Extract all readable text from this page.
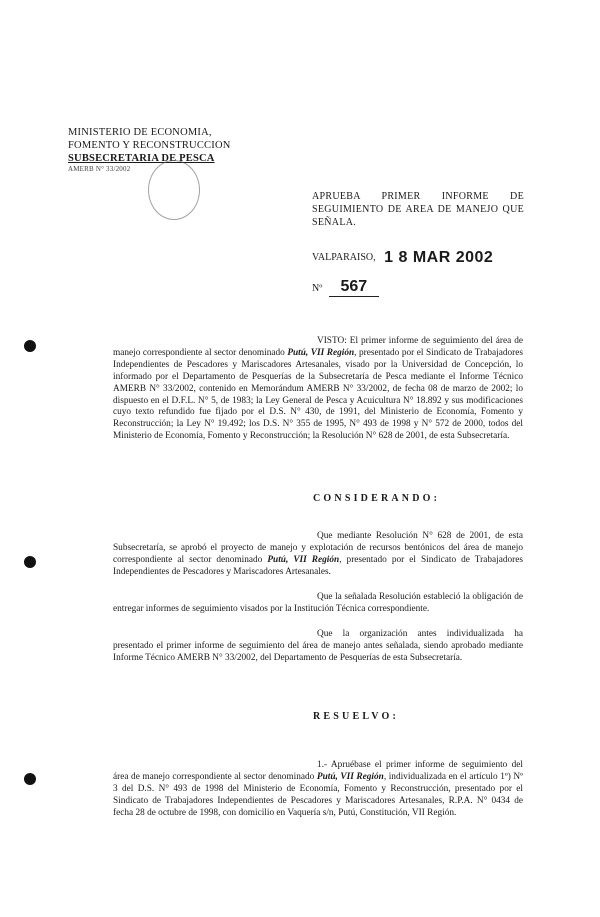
MINISTERIO DE ECONOMIA,
FOMENTO Y RECONSTRUCCION
SUBSECRETARIA DE PESCA
AMERB N° 33/2002
APRUEBA PRIMER INFORME DE SEGUIMIENTO DE AREA DE MANEJO QUE SEÑALA.
VALPARAISO, 1 8 MAR 2002
Nº 567
VISTO: El primer informe de seguimiento del área de manejo correspondiente al sector denominado Putú, VII Región, presentado por el Sindicato de Trabajadores Independientes de Pescadores y Mariscadores Artesanales, visado por la Universidad de Concepción, lo informado por el Departamento de Pesquerías de la Subsecretaría de Pesca mediante el Informe Técnico AMERB N° 33/2002, contenido en Memorándum AMERB N° 33/2002, de fecha 08 de marzo de 2002; lo dispuesto en el D.F.L. N° 5, de 1983; la Ley General de Pesca y Acuicultura N° 18.892 y sus modificaciones cuyo texto refundido fue fijado por el D.S. N° 430, de 1991, del Ministerio de Economía, Fomento y Reconstrucción; la Ley N° 19.492; los D.S. N° 355 de 1995, N° 493 de 1998 y N° 572 de 2000, todos del Ministerio de Economía, Fomento y Reconstrucción; la Resolución N° 628 de 2001, de esta Subsecretaría.
CONSIDERANDO:
Que mediante Resolución N° 628 de 2001, de esta Subsecretaría, se aprobó el proyecto de manejo y explotación de recursos bentónicos del área de manejo correspondiente al sector denominado Putú, VII Región, presentado por el Sindicato de Trabajadores Independientes de Pescadores y Mariscadores Artesanales.
Que la señalada Resolución estableció la obligación de entregar informes de seguimiento visados por la Institución Técnica correspondiente.
Que la organización antes individualizada ha presentado el primer informe de seguimiento del área de manejo antes señalada, siendo aprobado mediante Informe Técnico AMERB N° 33/2002, del Departamento de Pesquerías de esta Subsecretaría.
RESUELVO:
1.- Apruébase el primer informe de seguimiento del área de manejo correspondiente al sector denominado Putú, VII Región, individualizada en el artículo 1º) Nº 3 del D.S. N° 493 de 1998 del Ministerio de Economía, Fomento y Reconstrucción, presentado por el Sindicato de Trabajadores Independientes de Pescadores y Mariscadores Artesanales, R.P.A. N° 0434 de fecha 28 de octubre de 1998, con domicilio en Vaquería s/n, Putú, Constitución, VII Región.
